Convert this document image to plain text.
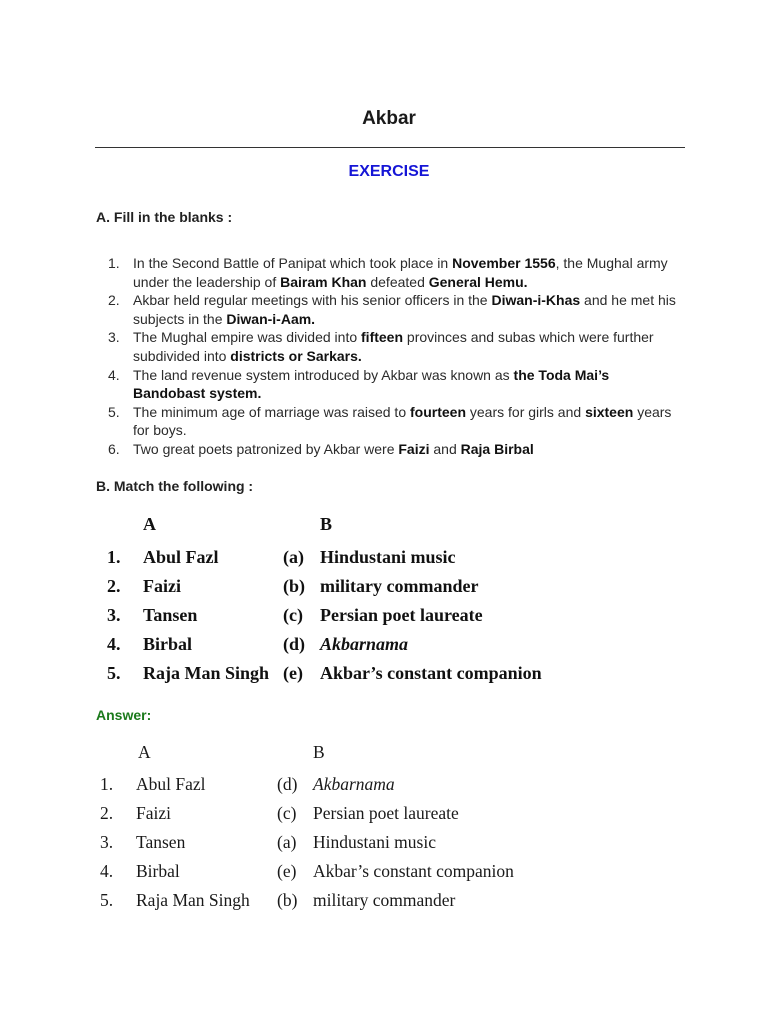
Akbar
EXERCISE
A. Fill in the blanks :
1. In the Second Battle of Panipat which took place in November 1556, the Mughal army under the leadership of Bairam Khan defeated General Hemu.
2. Akbar held regular meetings with his senior officers in the Diwan-i-Khas and he met his subjects in the Diwan-i-Aam.
3. The Mughal empire was divided into fifteen provinces and subas which were further subdivided into districts or Sarkars.
4. The land revenue system introduced by Akbar was known as the Toda Mai’s Bandobast system.
5. The minimum age of marriage was raised to fourteen years for girls and sixteen years for boys.
6. Two great poets patronized by Akbar were Faizi and Raja Birbal
B. Match the following :
A	B
1. Abul Fazl	(a) Hindustani music
2. Faizi	(b) military commander
3. Tansen	(c) Persian poet laureate
4. Birbal	(d) Akbarnama
5. Raja Man Singh (e) Akbar’s constant companion
Answer:
A	B
1. Abul Fazl	(d) Akbarnama
2. Faizi	(c) Persian poet laureate
3. Tansen	(a) Hindustani music
4. Birbal	(e) Akbar’s constant companion
5. Raja Man Singh (b) military commander
